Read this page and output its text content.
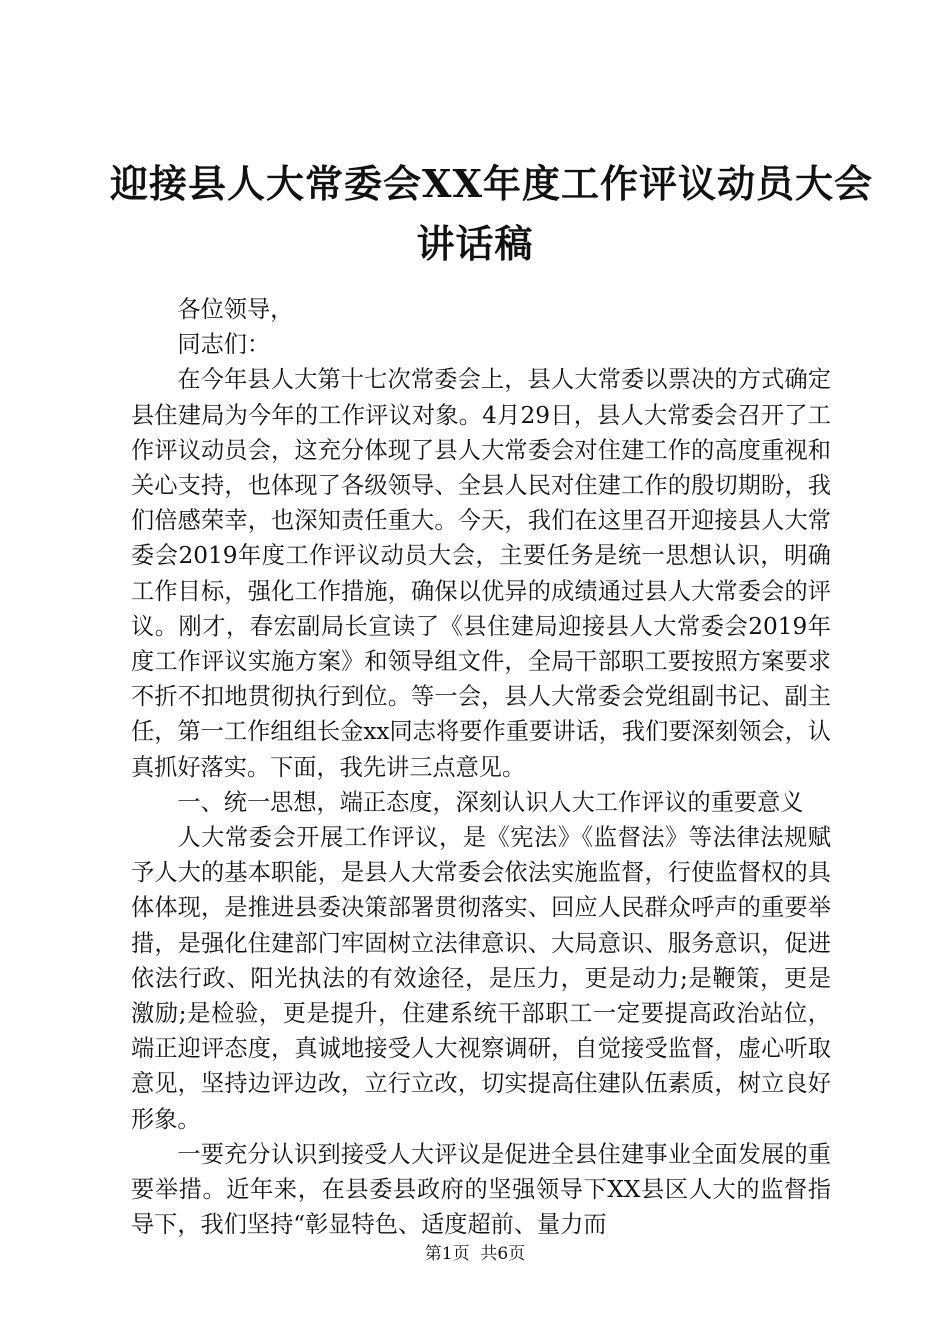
迎接县人大常委会XX年度工作评议动员大会
讲话稿

各位领导，

同志们：

在今年县人大第十七次常委会上，县人大常委以票决的方式确定县住建局为今年的工作评议对象。4月29日，县人大常委会召开了工作评议动员会，这充分体现了县人大常委会对住建工作的高度重视和关心支持，也体现了各级领导、全县人民对住建工作的殷切期盼，我们倍感荣幸，也深知责任重大。今天，我们在这里召开迎接县人大常委会2019年度工作评议动员大会，主要任务是统一思想认识，明确工作目标，强化工作措施，确保以优异的成绩通过县人大常委会的评议。刚才，春宏副局长宣读了《县住建局迎接县人大常委会2019年度工作评议实施方案》和领导组文件，全局干部职工要按照方案要求不折不扣地贯彻执行到位。等一会，县人大常委会党组副书记、副主任，第一工作组组长金xx同志将要作重要讲话，我们要深刻领会，认真抓好落实。下面，我先讲三点意见。

一、统一思想，端正态度，深刻认识人大工作评议的重要意义

人大常委会开展工作评议，是《宪法》《监督法》等法律法规赋予人大的基本职能，是县人大常委会依法实施监督，行使监督权的具体体现，是推进县委决策部署贯彻落实、回应人民群众呼声的重要举措，是强化住建部门牢固树立法律意识、大局意识、服务意识，促进依法行政、阳光执法的有效途径，是压力，更是动力;是鞭策，更是激励;是检验，更是提升，住建系统干部职工一定要提高政治站位，端正迎评态度，真诚地接受人大视察调研，自觉接受监督，虚心听取意见，坚持边评边改，立行立改，切实提高住建队伍素质，树立良好形象。

一要充分认识到接受人大评议是促进全县住建事业全面发展的重要举措。近年来，在县委县政府的坚强领导下XX县区人大的监督指导下，我们坚持“彰显特色、适度超前、量力而

第1页  共6页
